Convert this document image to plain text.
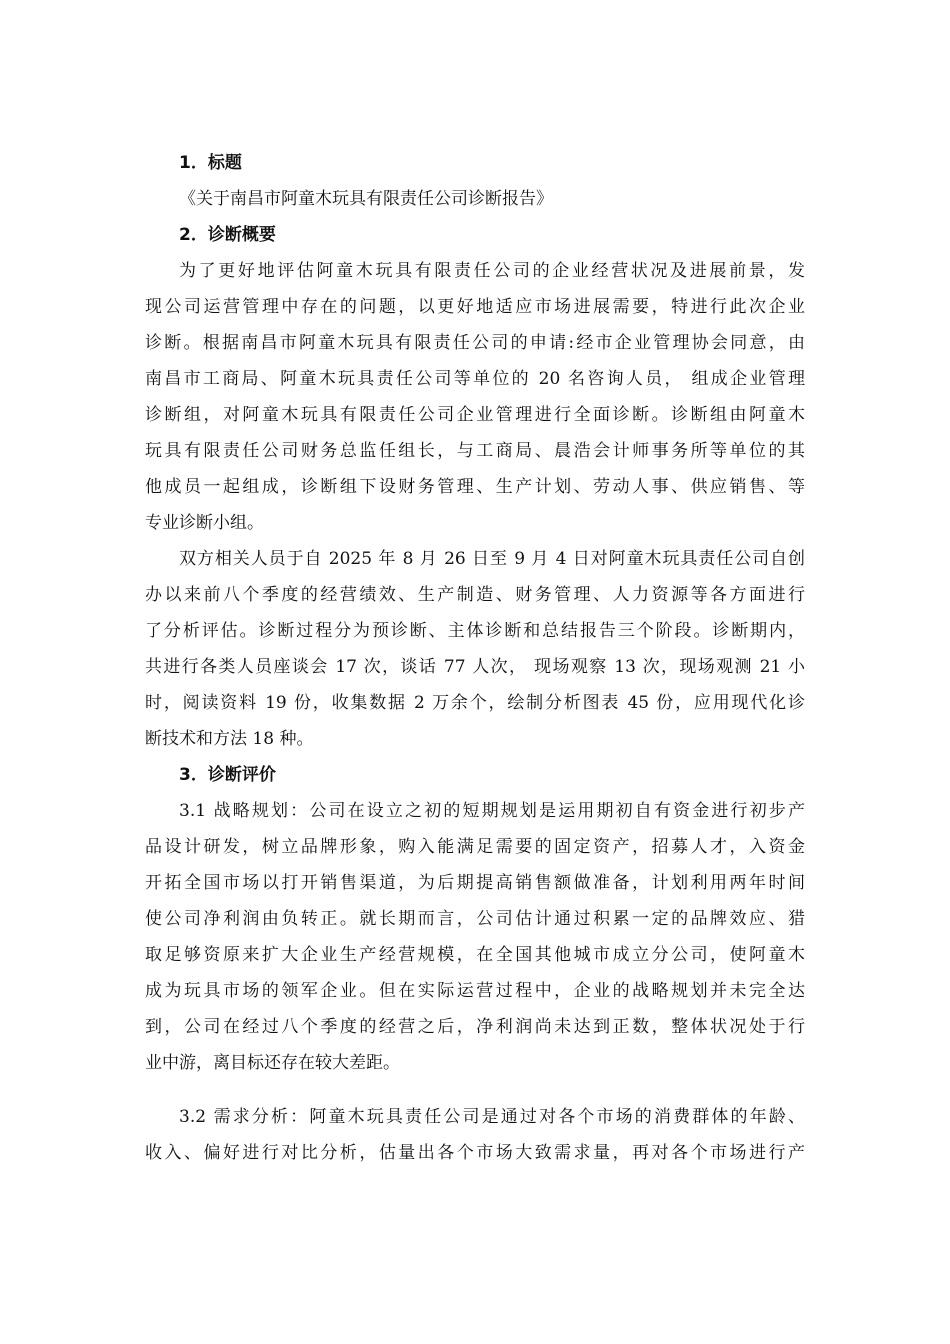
1．标题
《关于南昌市阿童木玩具有限责任公司诊断报告》
2．诊断概要
为了更好地评估阿童木玩具有限责任公司的企业经营状况及进展前景，发
现公司运营管理中存在的问题，以更好地适应市场进展需要，特进行此次企业
诊断。根据南昌市阿童木玩具有限责任公司的申请:经市企业管理协会同意，由
南昌市工商局、阿童木玩具责任公司等单位的 20 名咨询人员， 组成企业管理
诊断组，对阿童木玩具有限责任公司企业管理进行全面诊断。诊断组由阿童木
玩具有限责任公司财务总监任组长，与工商局、晨浩会计师事务所等单位的其
他成员一起组成，诊断组下设财务管理、生产计划、劳动人事、供应销售、等
专业诊断小组。
双方相关人员于自 2025 年 8 月 26 日至 9 月 4 日对阿童木玩具责任公司自创
办以来前八个季度的经营绩效、生产制造、财务管理、人力资源等各方面进行
了分析评估。诊断过程分为预诊断、主体诊断和总结报告三个阶段。诊断期内，
共进行各类人员座谈会 17 次，谈话 77 人次， 现场观察 13 次，现场观测 21 小
时，阅读资料 19 份，收集数据 2 万余个，绘制分析图表 45 份，应用现代化诊
断技术和方法 18 种。
3．诊断评价
3.1 战略规划：公司在设立之初的短期规划是运用期初自有资金进行初步产
品设计研发，树立品牌形象，购入能满足需要的固定资产，招募人才，入资金
开拓全国市场以打开销售渠道，为后期提高销售额做准备，计划利用两年时间
使公司净利润由负转正。就长期而言，公司估计通过积累一定的品牌效应、猎
取足够资原来扩大企业生产经营规模，在全国其他城市成立分公司，使阿童木
成为玩具市场的领军企业。但在实际运营过程中，企业的战略规划并未完全达
到，公司在经过八个季度的经营之后，净利润尚未达到正数，整体状况处于行
业中游，离目标还存在较大差距。
3.2 需求分析：阿童木玩具责任公司是通过对各个市场的消费群体的年龄、
收入、偏好进行对比分析，估量出各个市场大致需求量，再对各个市场进行产
